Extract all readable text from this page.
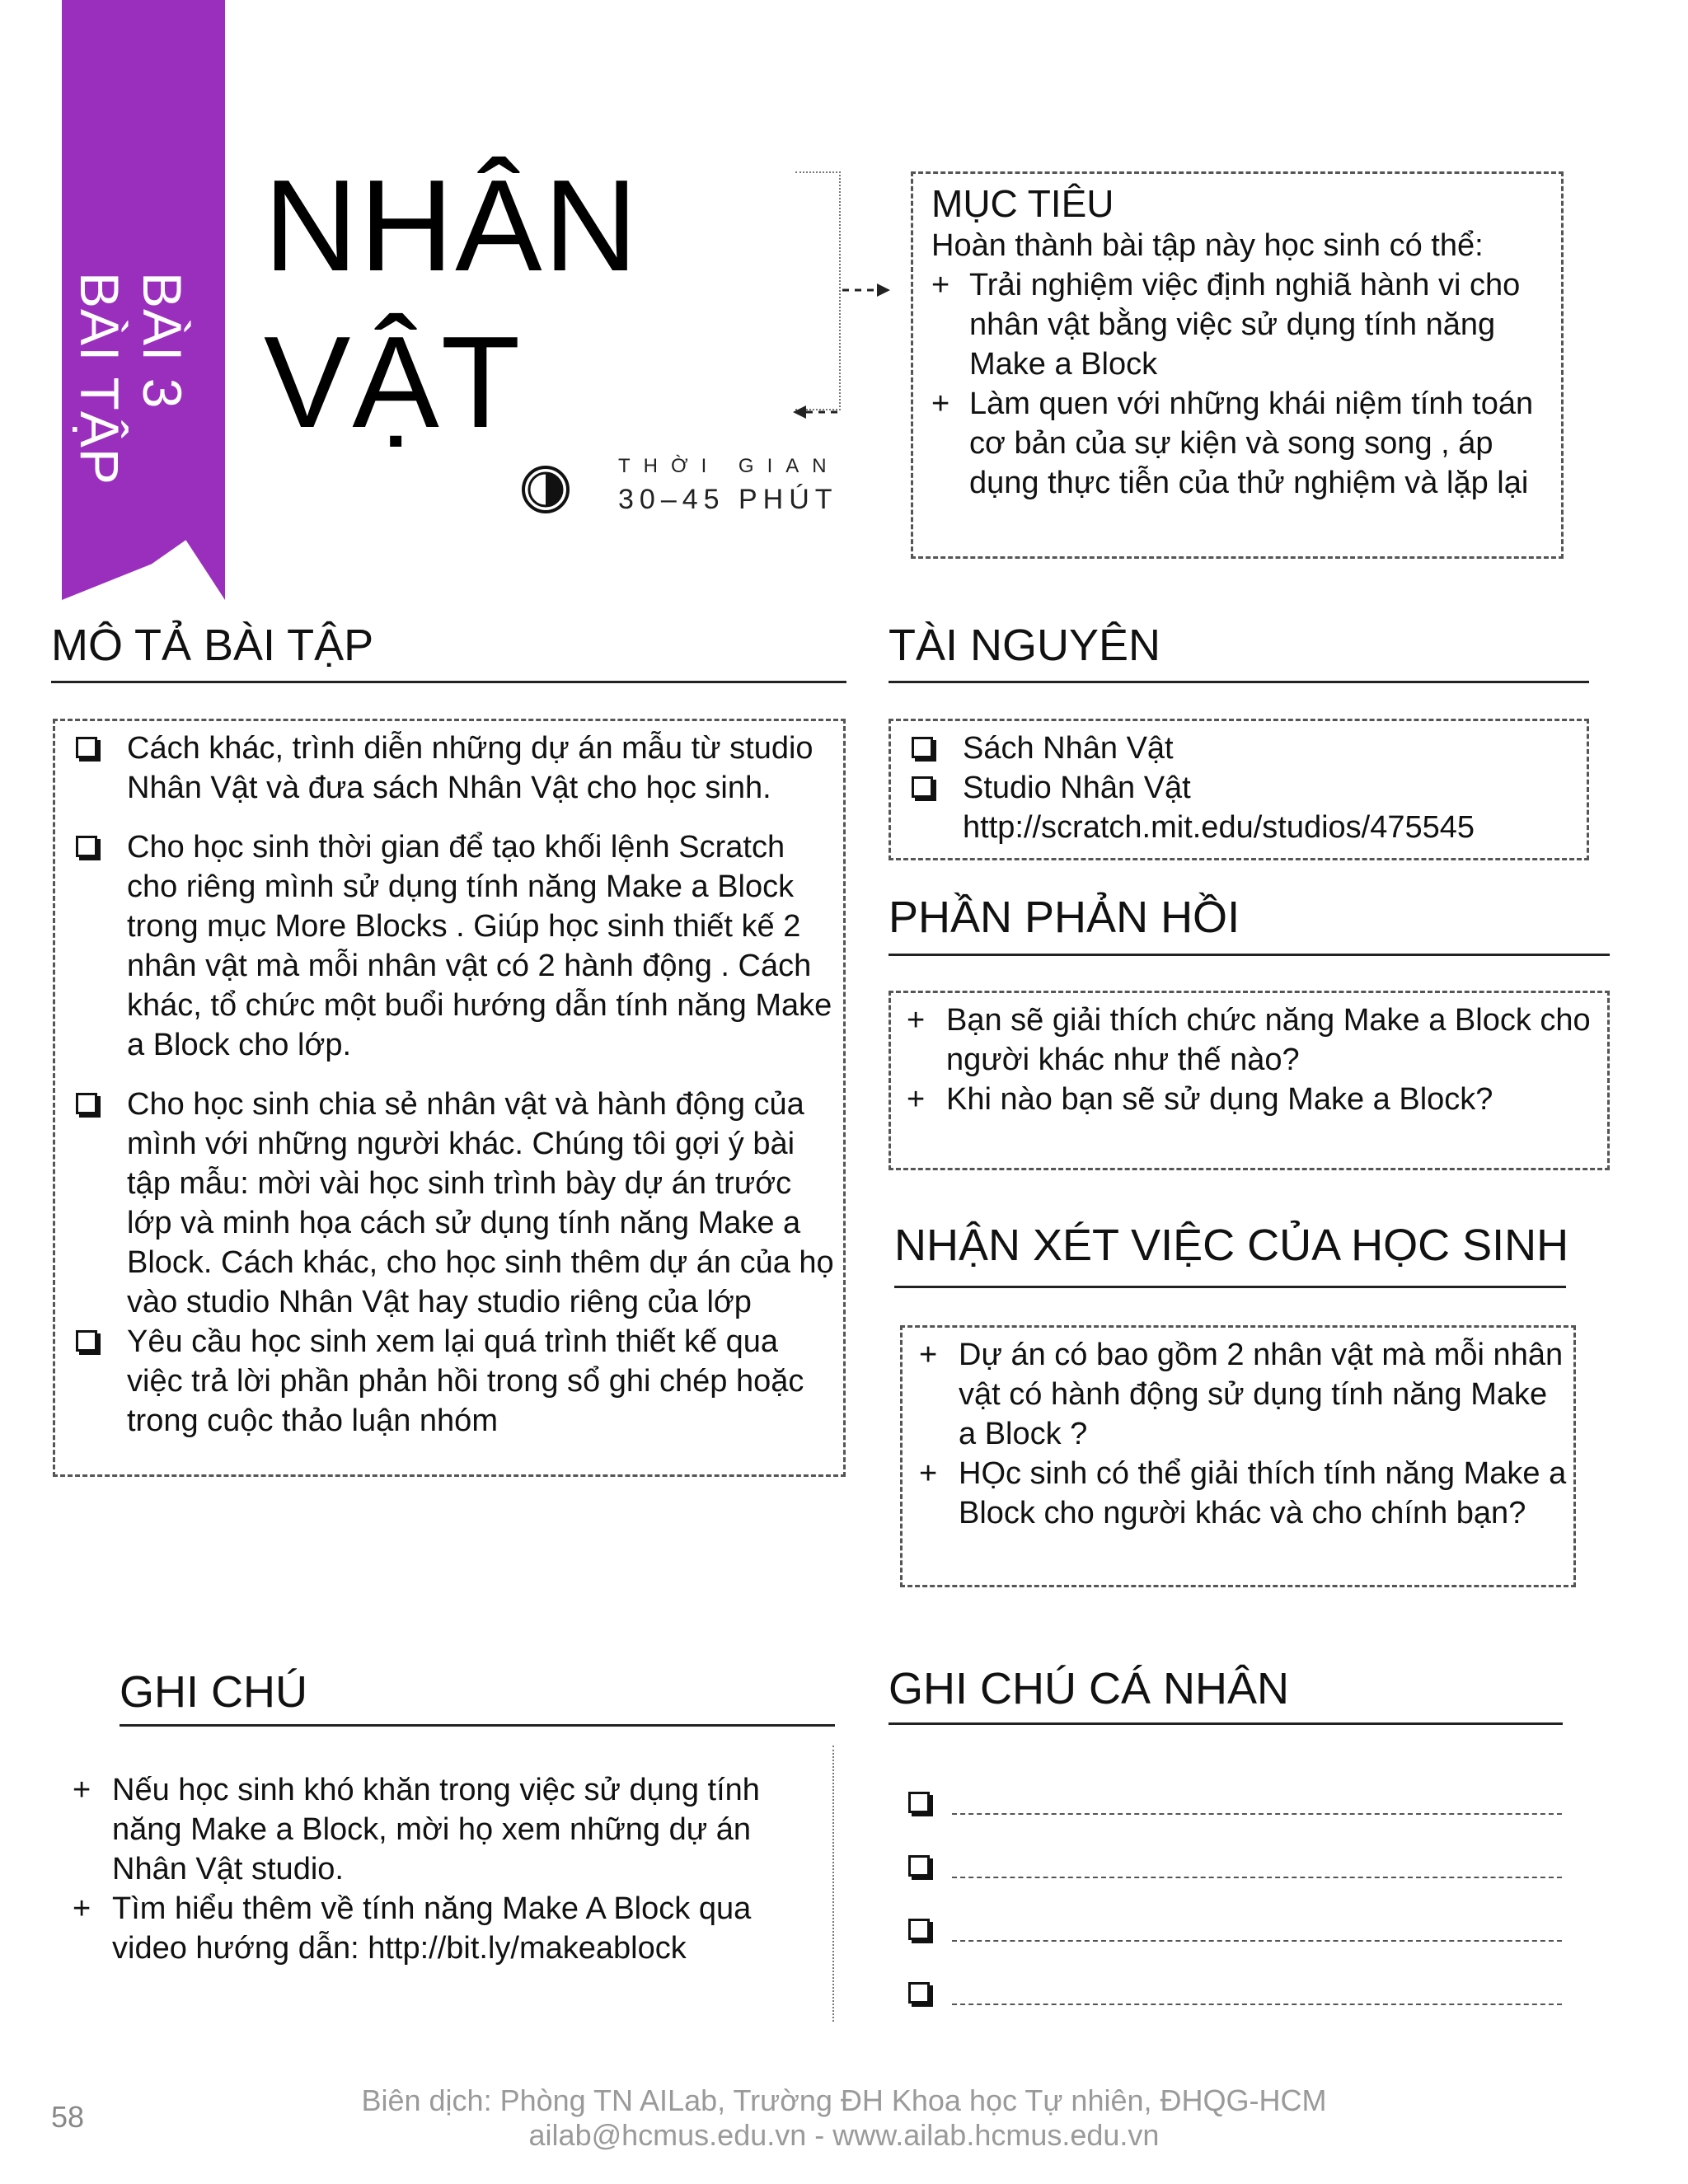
BÀI 3
BÀI TẬP
NHÂN
VẬT
THỜI GIAN
30–45 PHÚT
MỤC TIÊU
Hoàn thành bài tập này học sinh có thể:
+ Trải nghiệm việc định nghiã hành vi cho nhân vật bằng việc sử dụng tính năng Make a Block
+ Làm quen với những khái niệm tính toán cơ bản của sự kiện và song song , áp dụng thực tiễn của thử nghiệm và lặp lại
MÔ TẢ BÀI TẬP
Cách khác, trình diễn những dự án mẫu từ studio Nhân Vật và đưa sách Nhân Vật cho học sinh.
Cho học sinh thời gian để tạo khối lệnh Scratch cho riêng mình sử dụng tính năng Make a Block trong mục More Blocks . Giúp học sinh thiết kế 2 nhân vật mà mỗi nhân vật có 2 hành động . Cách khác, tổ chức một buổi hướng dẫn tính năng Make a Block cho lớp.
Cho học sinh chia sẻ nhân vật và hành động của mình với những người khác. Chúng tôi gợi ý bài tập mẫu: mời vài học sinh trình bày dự án trước lớp và minh họa cách sử dụng tính năng Make a Block. Cách khác, cho học sinh thêm dự án của họ vào studio Nhân Vật hay studio riêng của lớp
Yêu cầu học sinh xem lại quá trình thiết kế qua việc trả lời phần phản hồi trong sổ ghi chép hoặc trong cuộc thảo luận nhóm
TÀI NGUYÊN
Sách Nhân Vật
Studio Nhân Vật
http://scratch.mit.edu/studios/475545
PHẦN PHẢN HỒI
+ Bạn sẽ giải thích chức năng Make a Block cho người khác như thế nào?
+ Khi nào bạn sẽ sử dụng Make a Block?
NHẬN XÉT VIỆC CỦA HỌC SINH
+ Dự án có bao gồm 2 nhân vật mà mỗi nhân vật có hành động sử dụng tính năng Make a Block ?
+ HỌc sinh có thể giải thích tính năng Make a Block cho người khác và cho chính bạn?
GHI CHÚ
+ Nếu học sinh khó khăn trong việc sử dụng tính năng Make a Block, mời họ xem những dự án Nhân Vật studio.
+ Tìm hiểu thêm về tính năng Make A Block qua video hướng dẫn: http://bit.ly/makeablock
GHI CHÚ CÁ NHÂN
58	Biên dịch: Phòng TN AILab, Trường ĐH Khoa học Tự nhiên, ĐHQG-HCM
ailab@hcmus.edu.vn - www.ailab.hcmus.edu.vn
